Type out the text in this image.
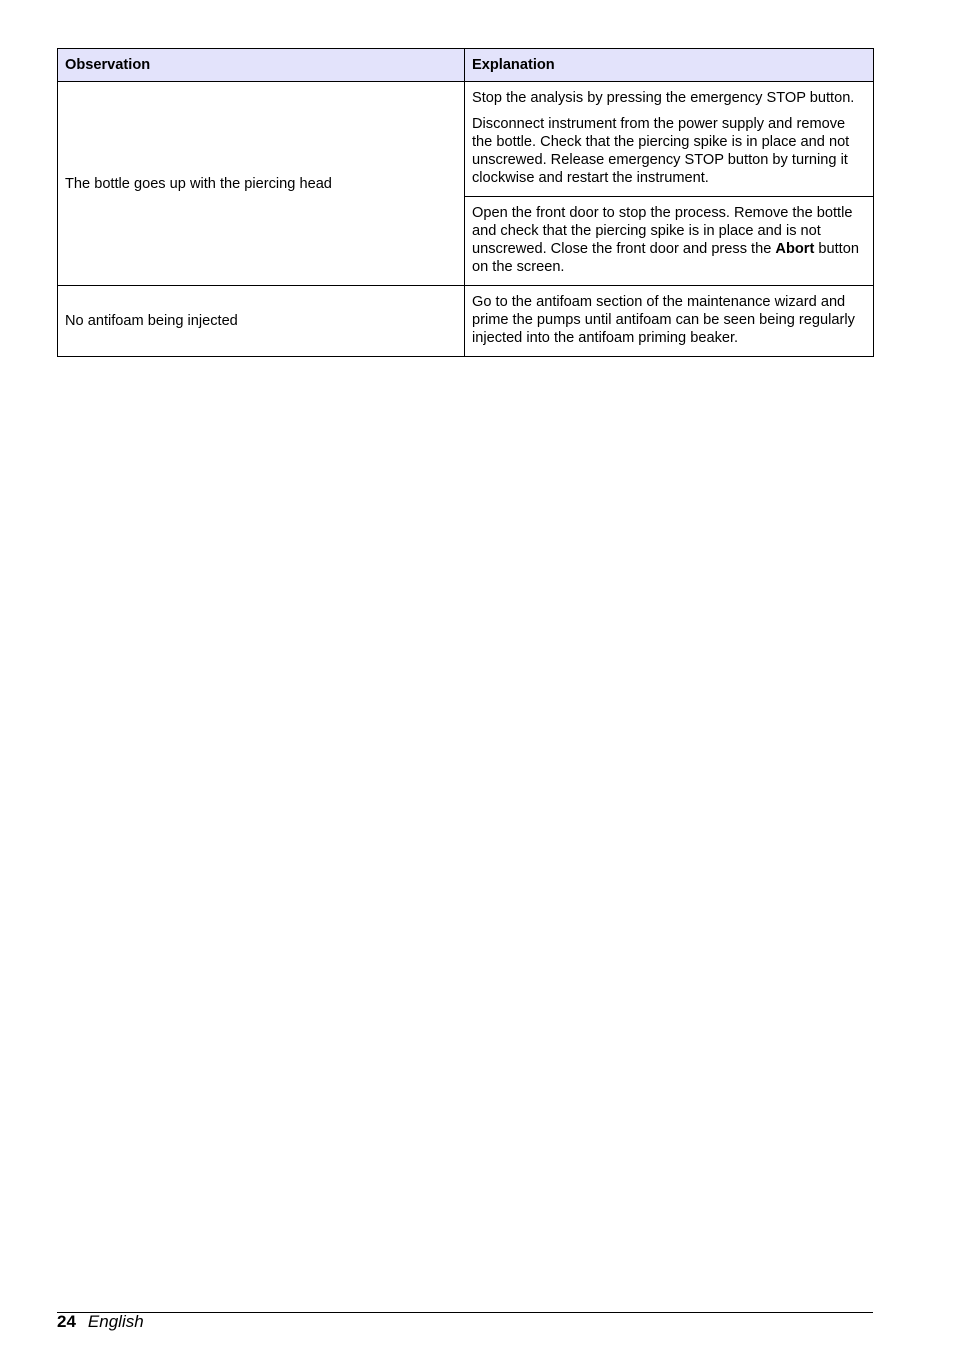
Observation	Explanation
The bottle goes up with the piercing head	Stop the analysis by pressing the emergency STOP button.

Disconnect instrument from the power supply and remove the bottle. Check that the piercing spike is in place and not unscrewed. Release emergency STOP button by turning it clockwise and restart the instrument.

	Open the front door to stop the process. Remove the bottle and check that the piercing spike is in place and is not unscrewed. Close the front door and press the Abort button on the screen.

No antifoam being injected	Go to the antifoam section of the maintenance wizard and prime the pumps until antifoam can be seen being regularly injected into the antifoam priming beaker.

24 English
